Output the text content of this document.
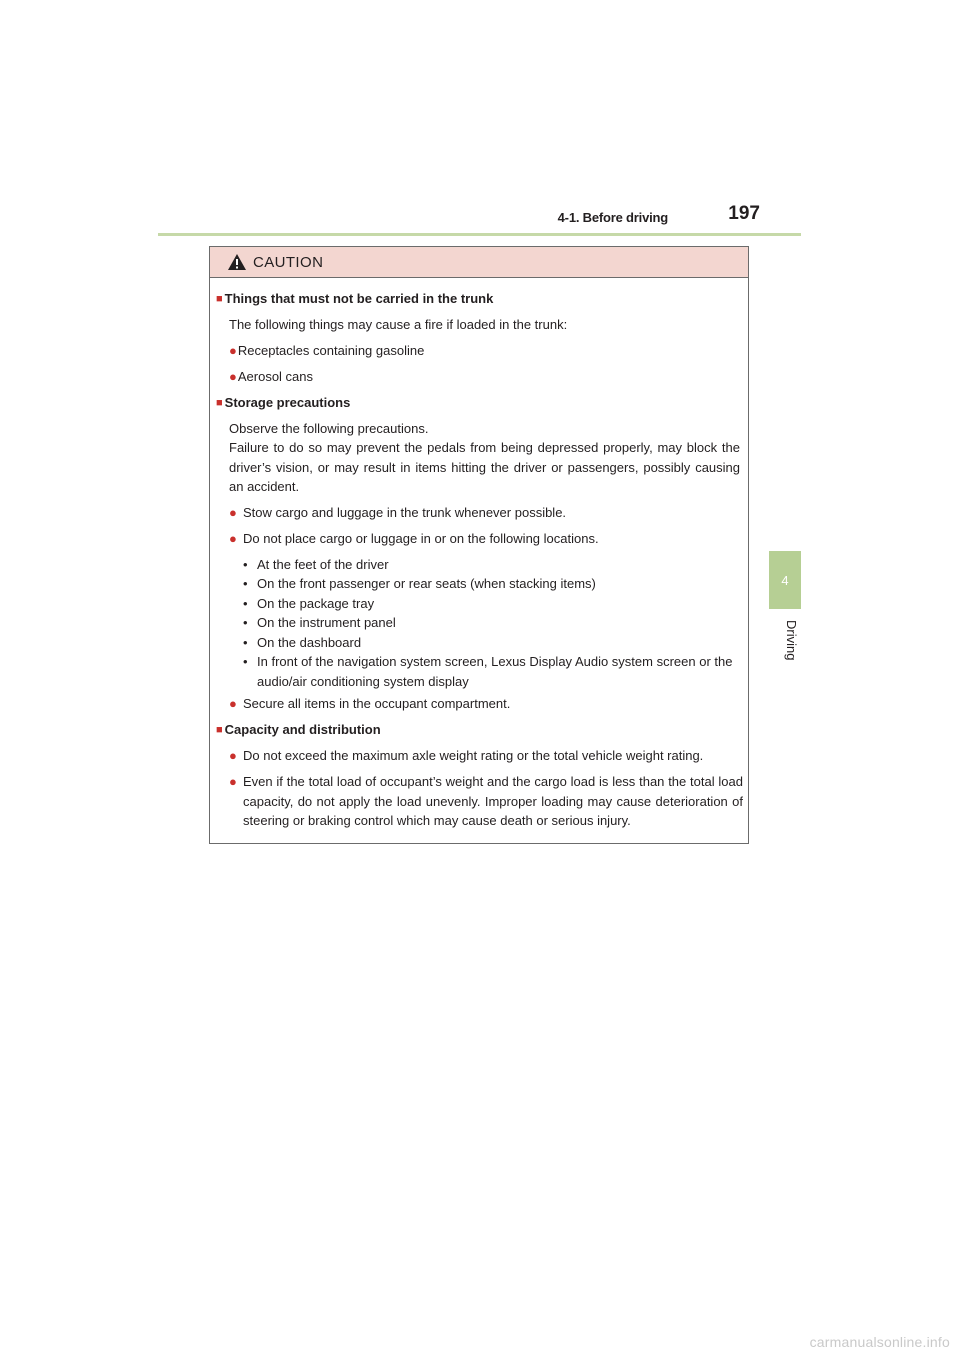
4-1. Before driving	197
4
Driving
CAUTION
■ Things that must not be carried in the trunk
The following things may cause a fire if loaded in the trunk:
●Receptacles containing gasoline
●Aerosol cans
■ Storage precautions
Observe the following precautions.
Failure to do so may prevent the pedals from being depressed properly, may block the driver’s vision, or may result in items hitting the driver or passengers, possibly causing an accident.
● Stow cargo and luggage in the trunk whenever possible.
● Do not place cargo or luggage in or on the following locations.
• At the feet of the driver
• On the front passenger or rear seats (when stacking items)
• On the package tray
• On the instrument panel
• On the dashboard
• In front of the navigation system screen, Lexus Display Audio system screen or the audio/air conditioning system display
● Secure all items in the occupant compartment.
■ Capacity and distribution
● Do not exceed the maximum axle weight rating or the total vehicle weight rating.
● Even if the total load of occupant’s weight and the cargo load is less than the total load capacity, do not apply the load unevenly. Improper loading may cause deterioration of steering or braking control which may cause death or serious injury.
carmanualsonline.info
